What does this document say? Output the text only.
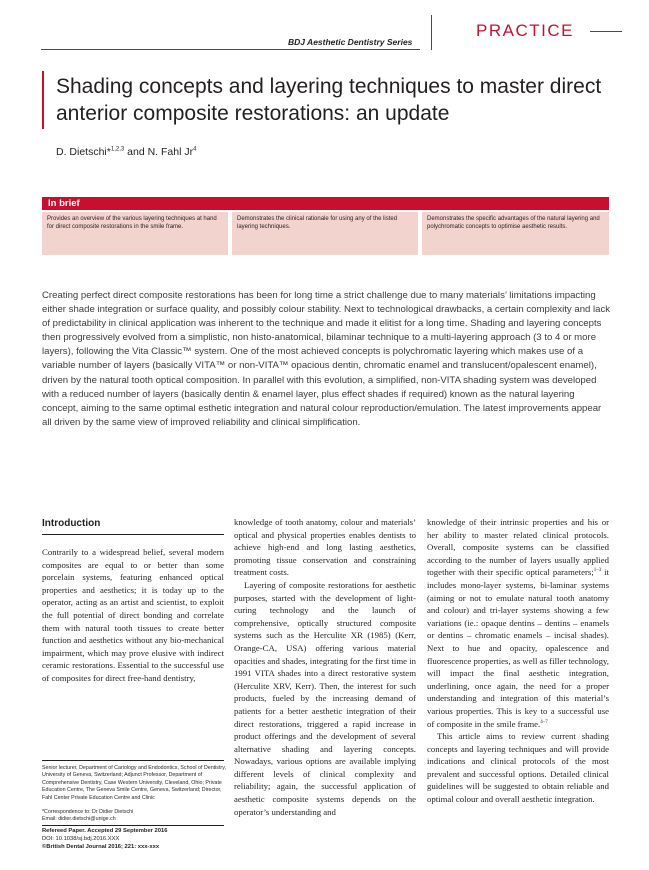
BDJ Aesthetic Dentistry Series
PRACTICE
Shading concepts and layering techniques to master direct anterior composite restorations: an update
D. Dietschi*$^{1,2,3}$ and N. Fahl Jr$^4$
In brief
Provides an overview of the various layering techniques at hand for direct composite restorations in the smile frame.
Demonstrates the clinical rationale for using any of the listed layering techniques.
Demonstrates the specific advantages of the natural layering and polychromatic concepts to optimise aesthetic results.
Creating perfect direct composite restorations has been for long time a strict challenge due to many materials’ limitations impacting either shade integration or surface quality, and possibly colour stability. Next to technological drawbacks, a certain complexity and lack of predictability in clinical application was inherent to the technique and made it elitist for a long time. Shading and layering concepts then progressively evolved from a simplistic, non histo-anatomical, bilaminar technique to a multi-layering approach (3 to 4 or more layers), following the Vita Classic™ system. One of the most achieved concepts is polychromatic layering which makes use of a variable number of layers (basically VITA™ or non-VITA™ opacious dentin, chromatic enamel and translucent/opalescent enamel), driven by the natural tooth optical composition. In parallel with this evolution, a simplified, non-VITA shading system was developed with a reduced number of layers (basically dentin & enamel layer, plus effect shades if required) known as the natural layering concept, aiming to the same optimal esthetic integration and natural colour reproduction/emulation. The latest improvements appear all driven by the same view of improved reliability and clinical simplification.
Introduction

Contrarily to a widespread belief, several modern composites are equal to or better than some porcelain systems, featuring enhanced optical properties and aesthetics; it is today up to the operator, acting as an artist and scientist, to exploit the full potential of direct bonding and correlate them with natural tooth tissues to create better function and aesthetics without any bio-mechanical impairment, which may prove elusive with indirect ceramic restorations. Essential to the successful use of composites for direct free-hand dentistry,

knowledge of tooth anatomy, colour and materials’ optical and physical properties enables dentists to achieve high-end and long lasting aesthetics, promoting tissue conservation and constraining treatment costs.

Layering of composite restorations for aesthetic purposes, started with the development of light-curing technology and the launch of comprehensive, optically structured composite systems such as the Herculite XR (1985) (Kerr, Orange-CA, USA) offering various material opacities and shades, integrating for the first time in 1991 VITA shades into a direct restorative system (Herculite XRV, Kerr). Then, the interest for such products, fueled by the increasing demand of patients for a better aesthetic integration of their direct restorations, triggered a rapid increase in product offerings and the development of several alternative shading and layering concepts. Nowadays, various options are available implying different levels of clinical complexity and reliability; again, the successful application of aesthetic composite systems depends on the operator’s understanding and

knowledge of their intrinsic properties and his or her ability to master related clinical protocols. Overall, composite systems can be classified according to the number of layers usually applied together with their specific optical parameters;$^{1-3}$ it includes mono-layer systems, bi-laminar systems (aiming or not to emulate natural tooth anatomy and colour) and tri-layer systems showing a few variations (ie.: opaque dentins – dentins – enamels or dentins – chromatic enamels – incisal shades). Next to hue and opacity, opalescence and fluorescence properties, as well as filler technology, will impact the final aesthetic integration, underlining, once again, the need for a proper understanding and integration of this material’s various properties. This is key to a successful use of composite in the smile frame.$^{4-7}$

This article aims to review current shading concepts and layering techniques and will provide indications and clinical protocols of the most prevalent and successful options. Detailed clinical guidelines will be suggested to obtain reliable and optimal colour and overall aesthetic integration.

Senior lecturer, Department of Cariology and Endodontics, School of Dentistry, University of Geneva, Switzerland; Adjunct Professor, Department of Comprehensive Dentistry, Case Western University, Cleveland, Ohio; Private Education Centre, The Geneva Smile Centre, Geneva, Switzerland; Director, Fahl Center Private Education Centre and Clinic
*Correspondence to: Dr Didier Dietschi
Email: didier.dietschi@unige.ch
Refereed Paper. Accepted 29 September 2016
DOI: 10.1038/sj.bdj.2016.XXX
©British Dental Journal 2016; 221: xxx-xxx
